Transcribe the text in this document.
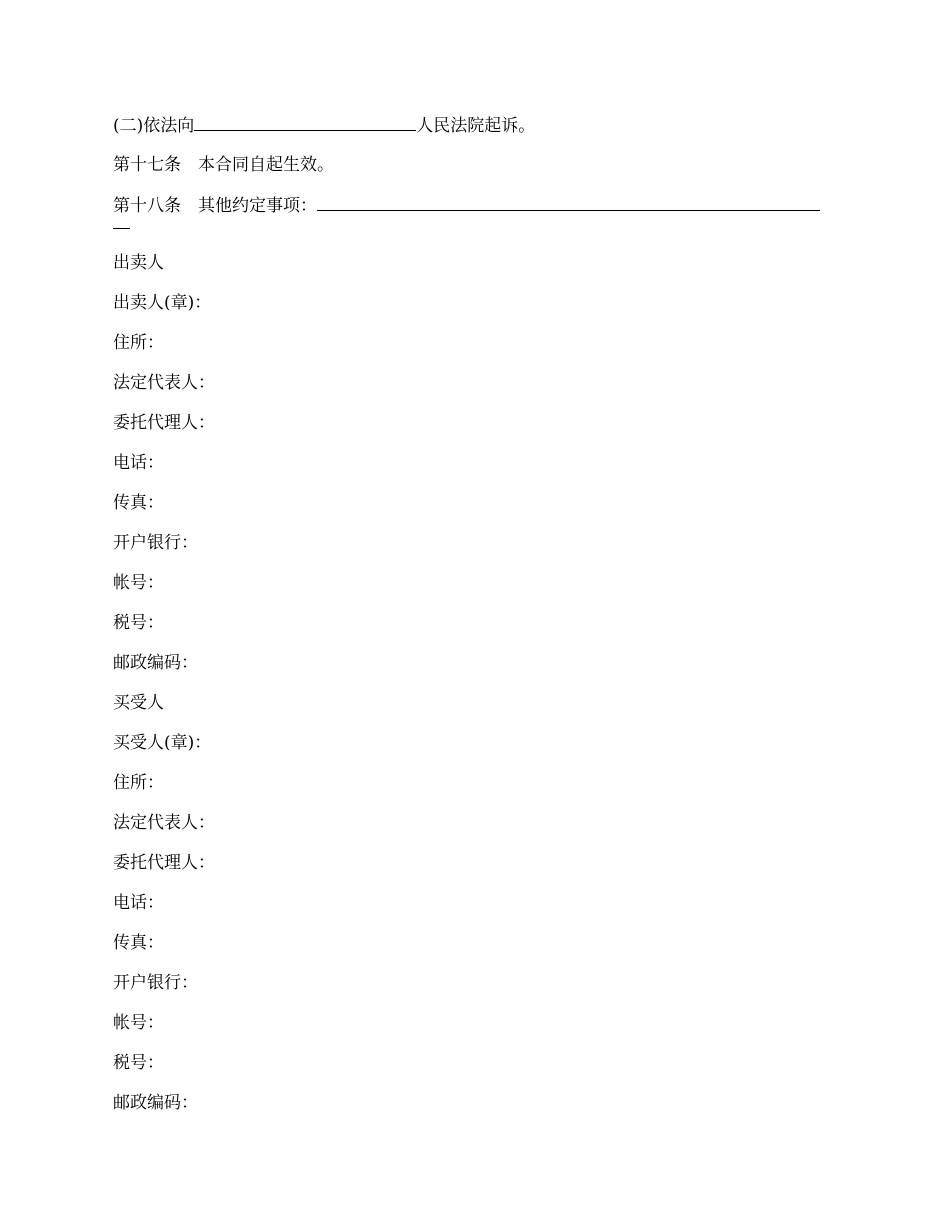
(二)依法向	人民法院起诉。
第十七条 本合同自起生效。
第十八条 其他约定事项：
出卖人
出卖人(章)：
住所：
法定代表人：
委托代理人：
电话：
传真：
开户银行：
帐号：
税号：
邮政编码：
买受人
买受人(章)：
住所：
法定代表人：
委托代理人：
电话：
传真：
开户银行：
帐号：
税号：
邮政编码：
